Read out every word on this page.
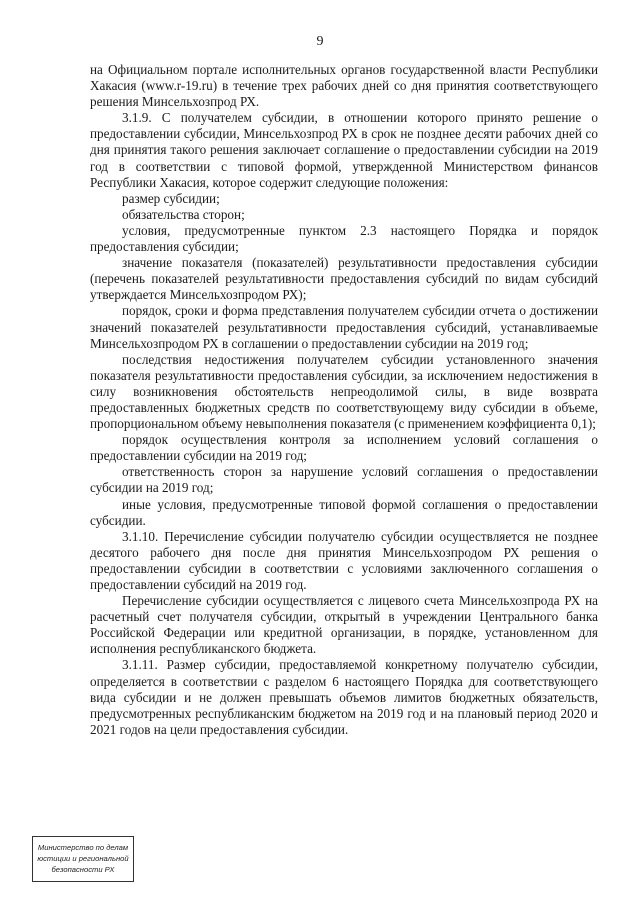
9

на Официальном портале исполнительных органов государственной власти Республики Хакасия (www.r-19.ru) в течение трех рабочих дней со дня принятия соответствующего решения Минсельхозпрод РХ.

3.1.9. С получателем субсидии, в отношении которого принято решение о предоставлении субсидии, Минсельхозпрод РХ в срок не позднее десяти рабочих дней со дня принятия такого решения заключает соглашение о предоставлении субсидии на 2019 год в соответствии с типовой формой, утвержденной Министерством финансов Республики Хакасия, которое содержит следующие положения:

размер субсидии;

обязательства сторон;

условия, предусмотренные пунктом 2.3 настоящего Порядка и порядок предоставления субсидии;

значение показателя (показателей) результативности предоставления субсидии (перечень показателей результативности предоставления субсидий по видам субсидий утверждается Минсельхозпродом РХ);

порядок, сроки и форма представления получателем субсидии отчета о достижении значений показателей результативности предоставления субсидий, устанавливаемые Минсельхозпродом РХ в соглашении о предоставлении субсидии на 2019 год;

последствия недостижения получателем субсидии установленного значения показателя результативности предоставления субсидии, за исключением недостижения в силу возникновения обстоятельств непреодолимой силы, в виде возврата предоставленных бюджетных средств по соответствующему виду субсидии в объеме, пропорциональном объему невыполнения показателя (с применением коэффициента 0,1);

порядок осуществления контроля за исполнением условий соглашения о предоставлении субсидии на 2019 год;

ответственность сторон за нарушение условий соглашения о предоставлении субсидии на 2019 год;

иные условия, предусмотренные типовой формой соглашения о предоставлении субсидии.

3.1.10. Перечисление субсидии получателю субсидии осуществляется не позднее десятого рабочего дня после дня принятия Минсельхозпродом РХ решения о предоставлении субсидии в соответствии с условиями заключенного соглашения о предоставлении субсидий на 2019 год.

Перечисление субсидии осуществляется с лицевого счета Минсельхозпрода РХ на расчетный счет получателя субсидии, открытый в учреждении Центрального банка Российской Федерации или кредитной организации, в порядке, установленном для исполнения республиканского бюджета.

3.1.11. Размер субсидии, предоставляемой конкретному получателю субсидии, определяется в соответствии с разделом 6 настоящего Порядка для соответствующего вида субсидии и не должен превышать объемов лимитов бюджетных обязательств, предусмотренных республиканским бюджетом на 2019 год и на плановый период 2020 и 2021 годов на цели предоставления субсидии.

Министерство по делам
юстиции и региональной
безопасности РХ
